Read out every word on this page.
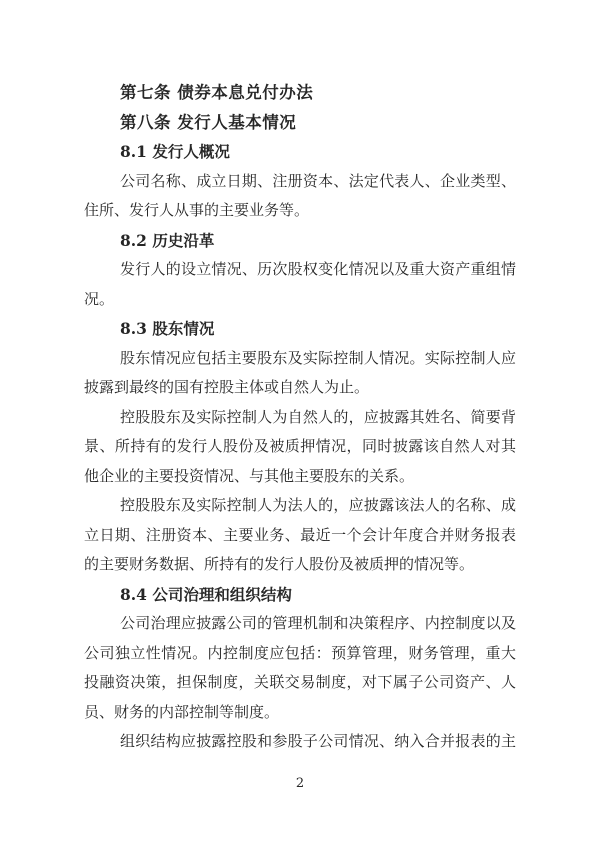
第七条 债券本息兑付办法
第八条 发行人基本情况
8.1 发行人概况
公司名称、成立日期、注册资本、法定代表人、企业类型、
住所、发行人从事的主要业务等。
8.2 历史沿革
发行人的设立情况、历次股权变化情况以及重大资产重组情
况。
8.3 股东情况
股东情况应包括主要股东及实际控制人情况。实际控制人应
披露到最终的国有控股主体或自然人为止。
控股股东及实际控制人为自然人的，应披露其姓名、简要背
景、所持有的发行人股份及被质押情况，同时披露该自然人对其
他企业的主要投资情况、与其他主要股东的关系。
控股股东及实际控制人为法人的，应披露该法人的名称、成
立日期、注册资本、主要业务、最近一个会计年度合并财务报表
的主要财务数据、所持有的发行人股份及被质押的情况等。
8.4 公司治理和组织结构
公司治理应披露公司的管理机制和决策程序、内控制度以及
公司独立性情况。内控制度应包括：预算管理，财务管理，重大
投融资决策，担保制度，关联交易制度，对下属子公司资产、人
员、财务的内部控制等制度。
组织结构应披露控股和参股子公司情况、纳入合并报表的主
2
